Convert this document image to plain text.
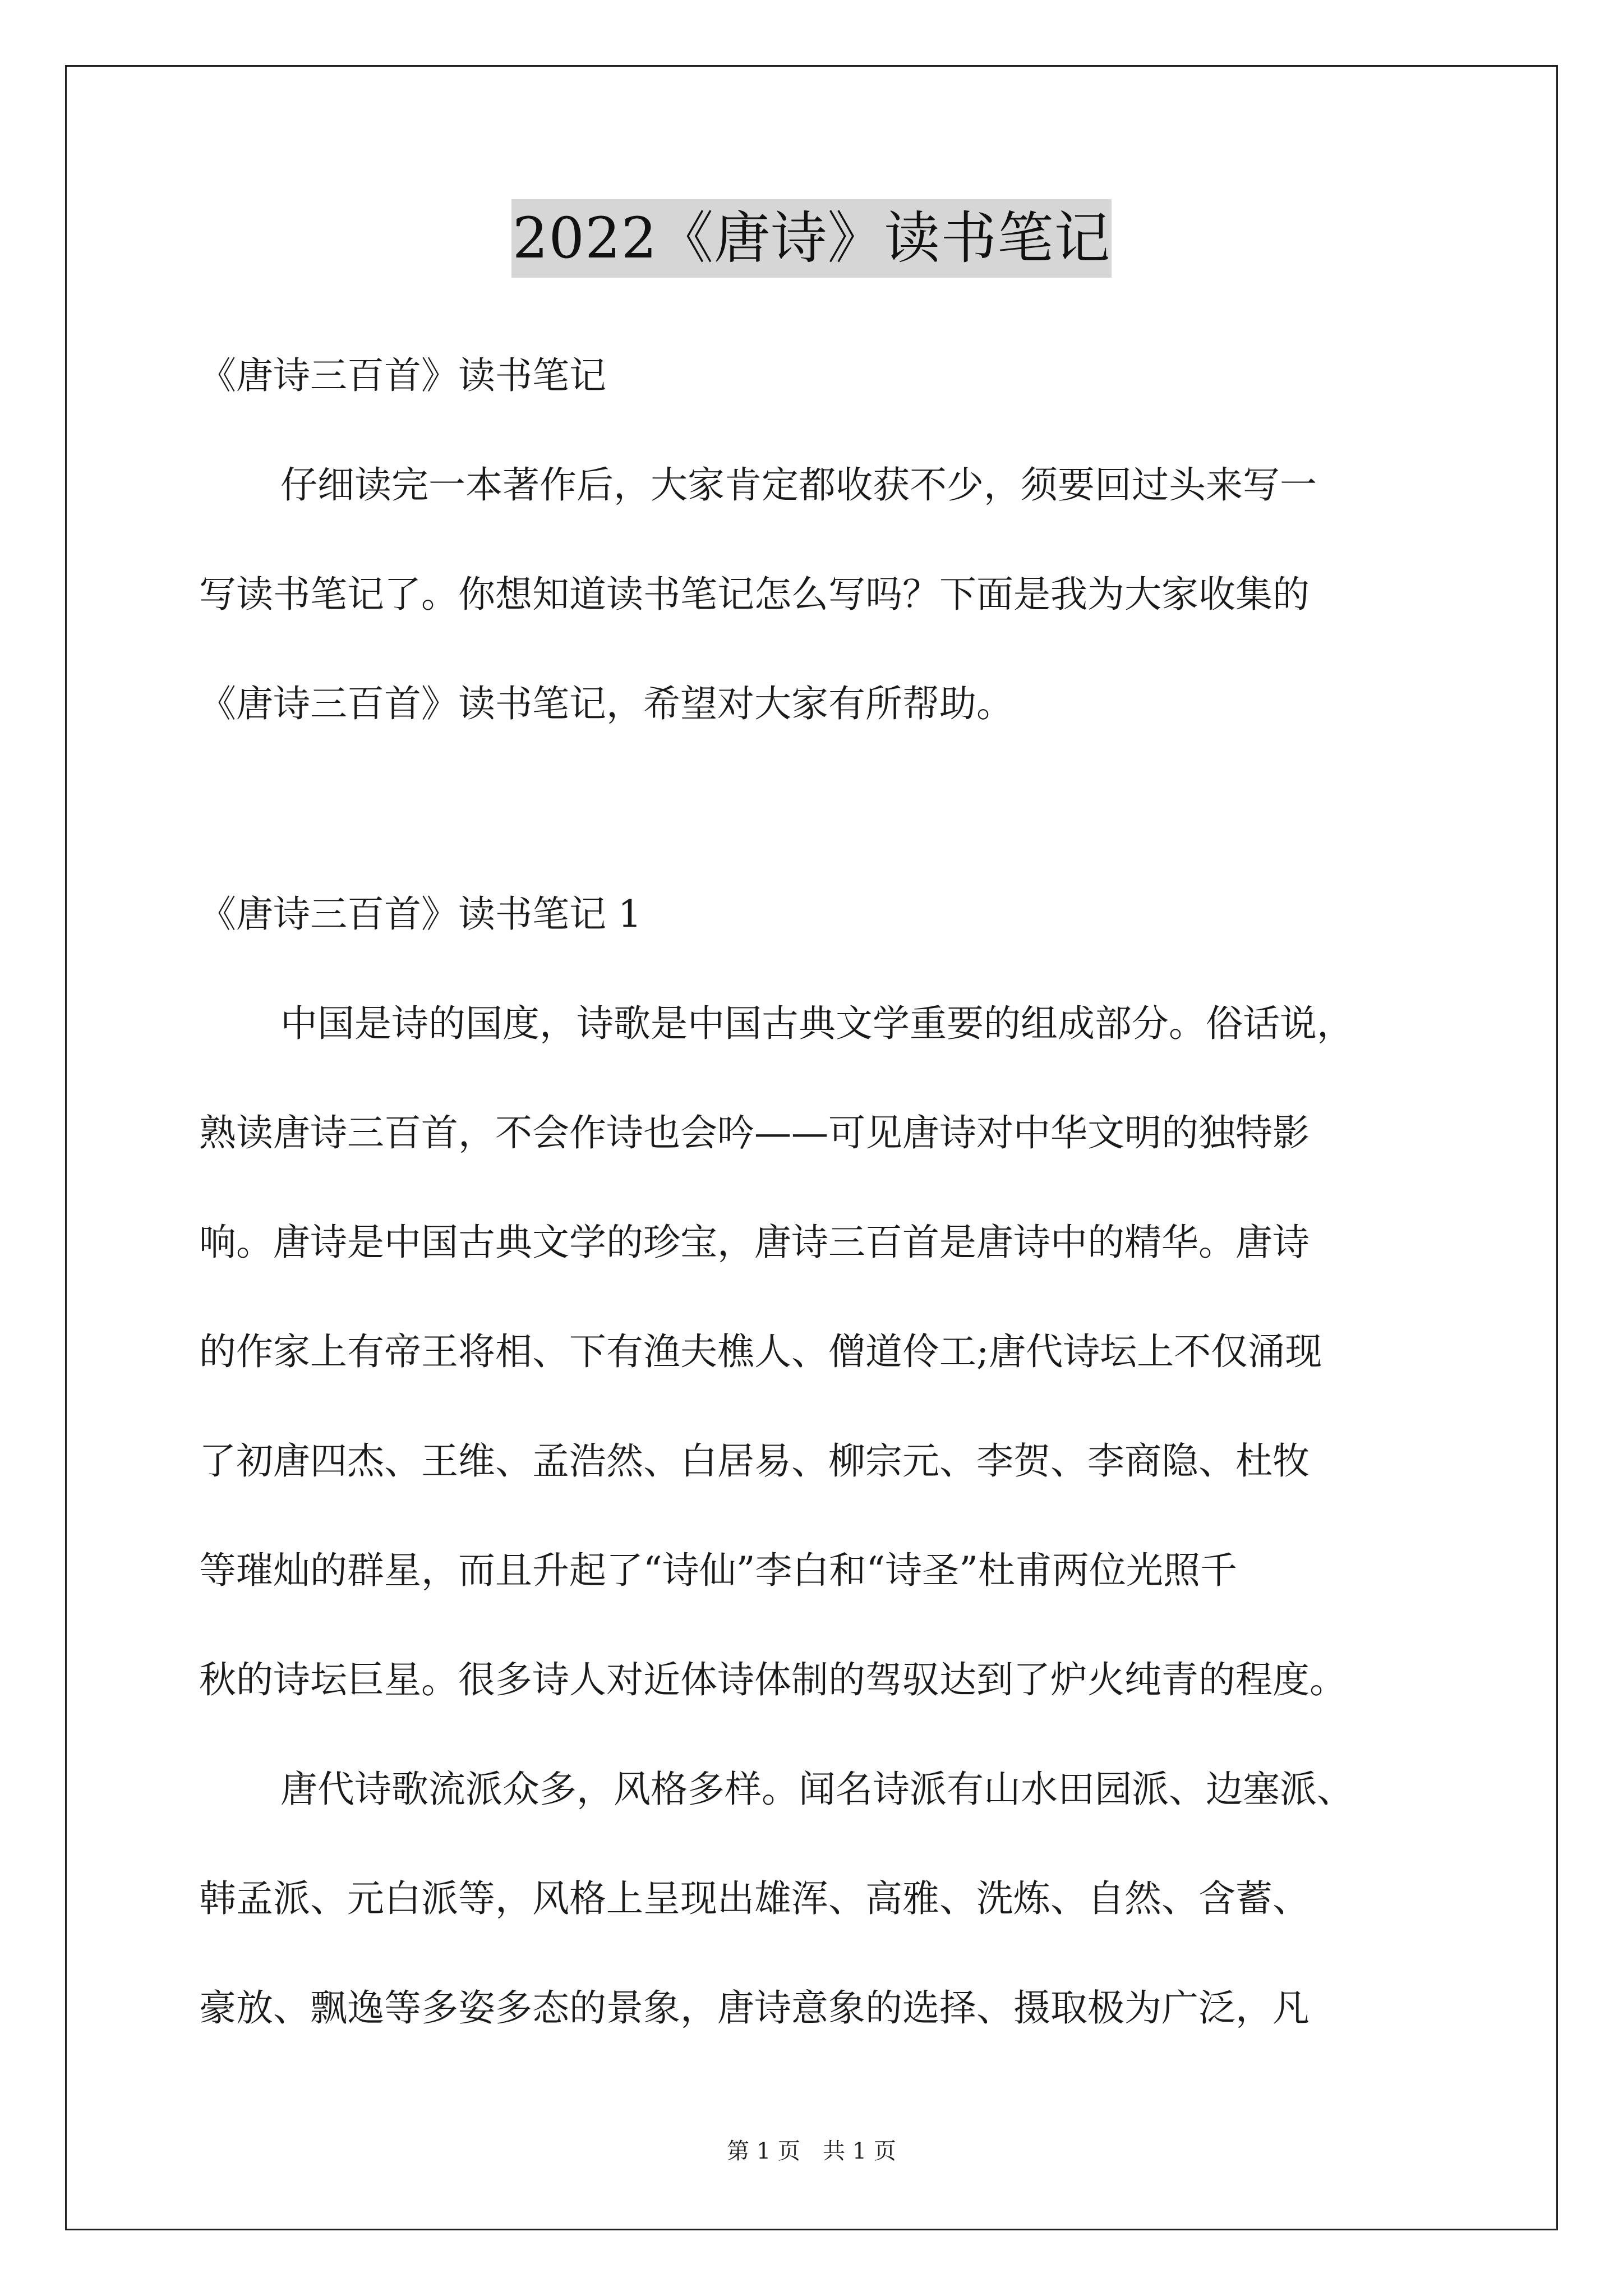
2022《唐诗》读书笔记
《唐诗三百首》读书笔记
仔细读完一本著作后，大家肯定都收获不少，须要回过头来写一
写读书笔记了。你想知道读书笔记怎么写吗？下面是我为大家收集的
《唐诗三百首》读书笔记，希望对大家有所帮助。
《唐诗三百首》读书笔记 1
中国是诗的国度，诗歌是中国古典文学重要的组成部分。俗话说，
熟读唐诗三百首，不会作诗也会吟——可见唐诗对中华文明的独特影
响。唐诗是中国古典文学的珍宝，唐诗三百首是唐诗中的精华。唐诗
的作家上有帝王将相、下有渔夫樵人、僧道伶工;唐代诗坛上不仅涌现
了初唐四杰、王维、孟浩然、白居易、柳宗元、李贺、李商隐、杜牧
等璀灿的群星，而且升起了“诗仙”李白和“诗圣”杜甫两位光照千
秋的诗坛巨星。很多诗人对近体诗体制的驾驭达到了炉火纯青的程度。
唐代诗歌流派众多，风格多样。闻名诗派有山水田园派、边塞派、
韩孟派、元白派等，风格上呈现出雄浑、高雅、洗炼、自然、含蓄、
豪放、飘逸等多姿多态的景象，唐诗意象的选择、摄取极为广泛，凡
第 1 页　共 1 页
